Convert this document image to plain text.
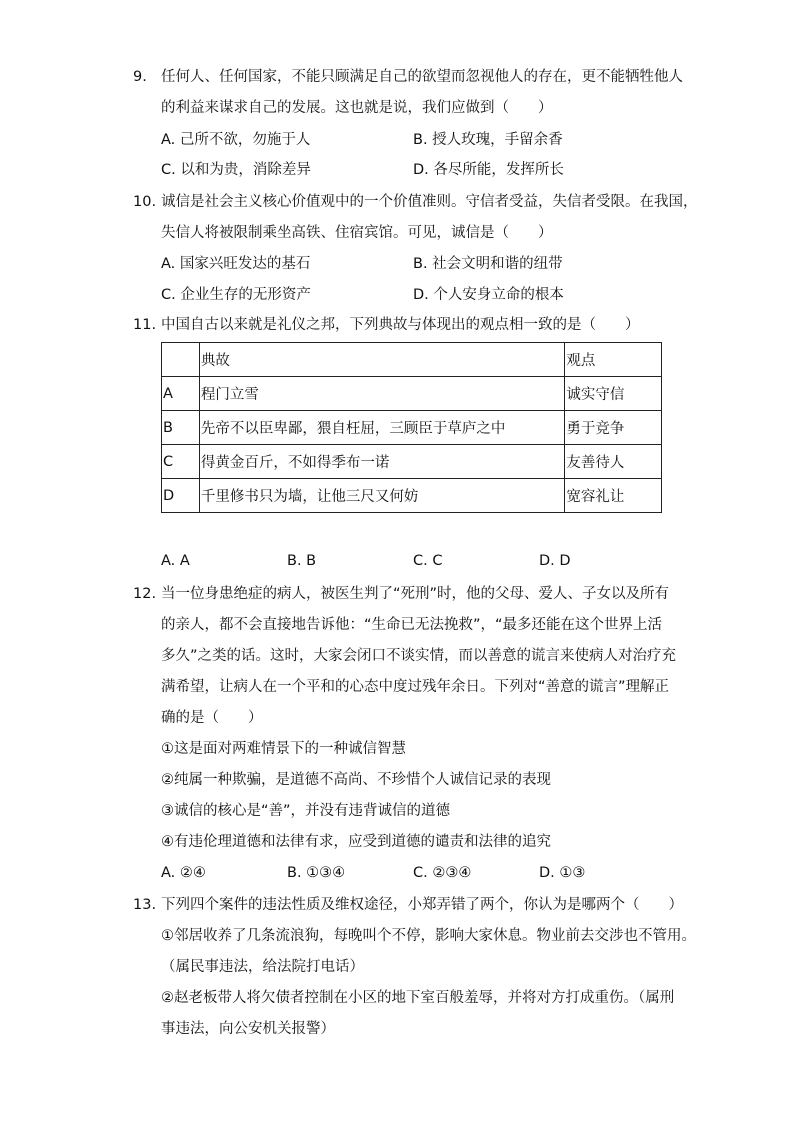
9. 任何人、任何国家，不能只顾满足自己的欲望而忽视他人的存在，更不能牺牲他人
的利益来谋求自己的发展。这也就是说，我们应做到（　　）
A. 己所不欲，勿施于人	B. 授人玫瑰，手留余香
C. 以和为贵，消除差异	D. 各尽所能，发挥所长
10. 诚信是社会主义核心价值观中的一个价值准则。守信者受益，失信者受限。在我国，
失信人将被限制乘坐高铁、住宿宾馆。可见，诚信是（　　）
A. 国家兴旺发达的基石	B. 社会文明和谐的纽带
C. 企业生存的无形资产	D. 个人安身立命的根本
11. 中国自古以来就是礼仪之邦，下列典故与体现出的观点相一致的是（　　）

	典故	观点

A	程门立雪	诚实守信

B	先帝不以臣卑鄙，猥自枉屈，三顾臣于草庐之中	勇于竞争

C	得黄金百斤，不如得季布一诺	友善待人

D	千里修书只为墙，让他三尺又何妨	宽容礼让
A. A	B. B	C. C	D. D
12. 当一位身患绝症的病人，被医生判了“死刑”时，他的父母、爱人、子女以及所有
的亲人，都不会直接地告诉他：“生命已无法挽救”，“最多还能在这个世界上活
多久”之类的话。这时，大家会闭口不谈实情，而以善意的谎言来使病人对治疗充
满希望，让病人在一个平和的心态中度过残年余日。下列对“善意的谎言”理解正
确的是（　　）
①这是面对两难情景下的一种诚信智慧
②纯属一种欺骗，是道德不高尚、不珍惜个人诚信记录的表现
③诚信的核心是“善”，并没有违背诚信的道德
④有违伦理道德和法律有求，应受到道德的谴责和法律的追究
A. ②④	B. ①③④	C. ②③④	D. ①③
13. 下列四个案件的违法性质及维权途径，小郑弄错了两个，你认为是哪两个（　　）
①邻居收养了几条流浪狗，每晚叫个不停，影响大家休息。物业前去交涉也不管用。
（属民事违法，给法院打电话）
②赵老板带人将欠债者控制在小区的地下室百般羞辱，并将对方打成重伤。（属刑
事违法，向公安机关报警）
